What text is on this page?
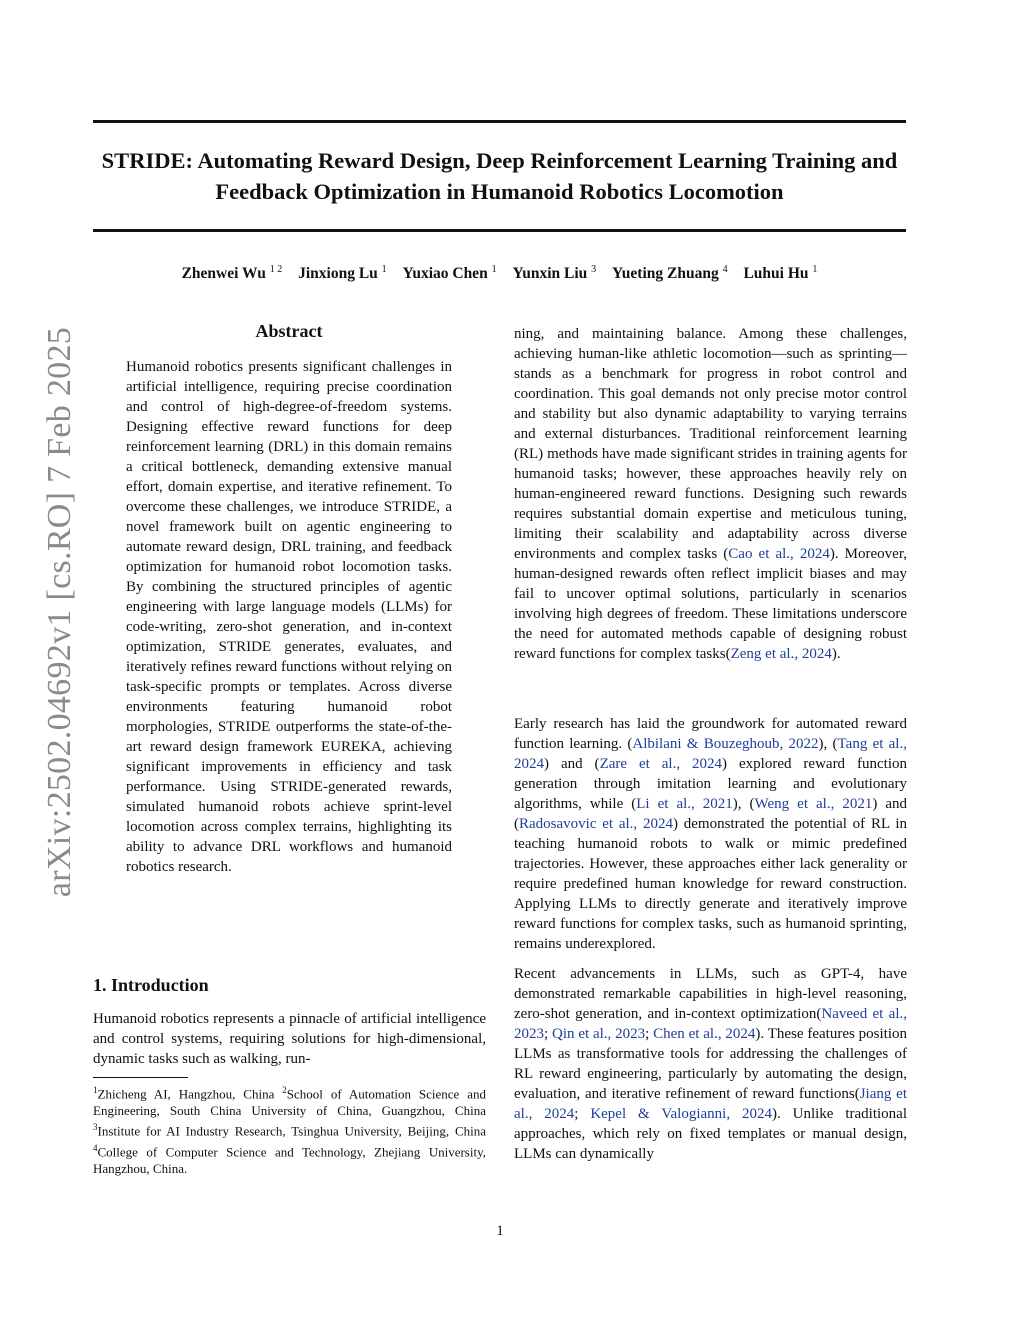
STRIDE: Automating Reward Design, Deep Reinforcement Learning Training and Feedback Optimization in Humanoid Robotics Locomotion
Zhenwei Wu $^{1 2}$ Jinxiong Lu $^1$ Yuxiao Chen $^1$ Yunxin Liu $^3$ Yueting Zhuang $^4$ Luhui Hu $^1$
arXiv:2502.04692v1 [cs.RO] 7 Feb 2025	Abstract

Humanoid robotics presents significant challenges in artificial intelligence, requiring precise coordination and control of high-degree-of-freedom systems. Designing effective reward functions for deep reinforcement learning (DRL) in this domain remains a critical bottleneck, demanding extensive manual effort, domain expertise, and iterative refinement. To overcome these challenges, we introduce STRIDE, a novel framework built on agentic engineering to automate reward design, DRL training, and feedback optimization for humanoid robot locomotion tasks. By combining the structured principles of agentic engineering with large language models (LLMs) for code-writing, zero-shot generation, and in-context optimization, STRIDE generates, evaluates, and iteratively refines reward functions without relying on task-specific prompts or templates. Across diverse environments featuring humanoid robot morphologies, STRIDE outperforms the state-of-the-art reward design framework EUREKA, achieving significant improvements in efficiency and task performance. Using STRIDE-generated rewards, simulated humanoid robots achieve sprint-level locomotion across complex terrains, highlighting its ability to advance DRL workflows and humanoid robotics research.

1. Introduction

Humanoid robotics represents a pinnacle of artificial intelligence and control systems, requiring solutions for high-dimensional, dynamic tasks such as walking, run-

$^1$Zhicheng AI, Hangzhou, China $^2$School of Automation Science and Engineering, South China University of China, Guangzhou, China $^3$Institute for AI Industry Research, Tsinghua University, Beijing, China $^4$College of Computer Science and Technology, Zhejiang University, Hangzhou, China.

ning, and maintaining balance. Among these challenges, achieving human-like athletic locomotion—such as sprinting—stands as a benchmark for progress in robot control and coordination. This goal demands not only precise motor control and stability but also dynamic adaptability to varying terrains and external disturbances. Traditional reinforcement learning (RL) methods have made significant strides in training agents for humanoid tasks; however, these approaches heavily rely on human-engineered reward functions. Designing such rewards requires substantial domain expertise and meticulous tuning, limiting their scalability and adaptability across diverse environments and complex tasks (Cao et al., 2024). Moreover, human-designed rewards often reflect implicit biases and may fail to uncover optimal solutions, particularly in scenarios involving high degrees of freedom. These limitations underscore the need for automated methods capable of designing robust reward functions for complex tasks(Zeng et al., 2024).

Early research has laid the groundwork for automated reward function learning. (Albilani & Bouzeghoub, 2022), (Tang et al., 2024) and (Zare et al., 2024) explored reward function generation through imitation learning and evolutionary algorithms, while (Li et al., 2021), (Weng et al., 2021) and (Radosavovic et al., 2024) demonstrated the potential of RL in teaching humanoid robots to walk or mimic predefined trajectories. However, these approaches either lack generality or require predefined human knowledge for reward construction. Applying LLMs to directly generate and iteratively improve reward functions for complex tasks, such as humanoid sprinting, remains underexplored.

Recent advancements in LLMs, such as GPT-4, have demonstrated remarkable capabilities in high-level reasoning, zero-shot generation, and in-context optimization(Naveed et al., 2023; Qin et al., 2023; Chen et al., 2024). These features position LLMs as transformative tools for addressing the challenges of RL reward engineering, particularly by automating the design, evaluation, and iterative refinement of reward functions(Jiang et al., 2024; Kepel & Valogianni, 2024). Unlike traditional approaches, which rely on fixed templates or manual design, LLMs can dynamically

1
